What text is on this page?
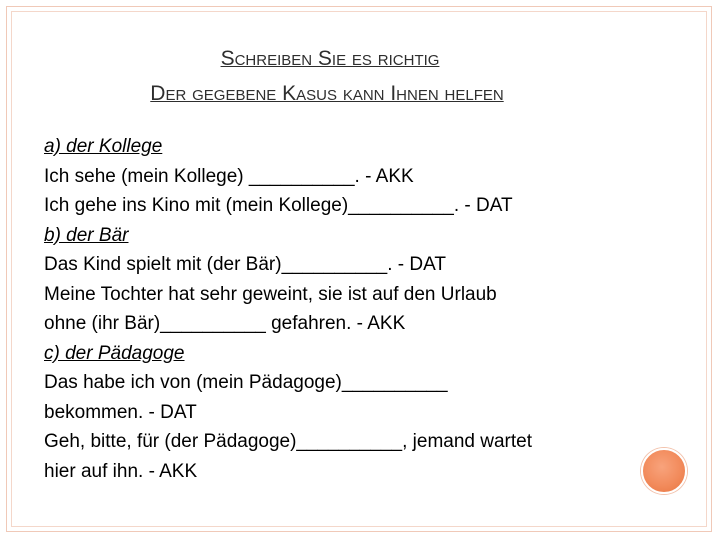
Schreiben Sie es richtig
Der gegebene Kasus kann Ihnen helfen
a) der Kollege
Ich sehe (mein Kollege) __________. - AKK
Ich gehe ins Kino mit (mein Kollege)__________. - DAT
b) der Bär
Das Kind spielt mit (der Bär)__________. - DAT
Meine Tochter hat sehr geweint, sie ist auf den Urlaub
ohne (ihr Bär)__________ gefahren. - AKK
c) der Pädagoge
Das habe ich von (mein Pädagoge)__________
bekommen. - DAT
Geh, bitte, für (der Pädagoge)__________, jemand wartet
hier auf ihn. - AKK
